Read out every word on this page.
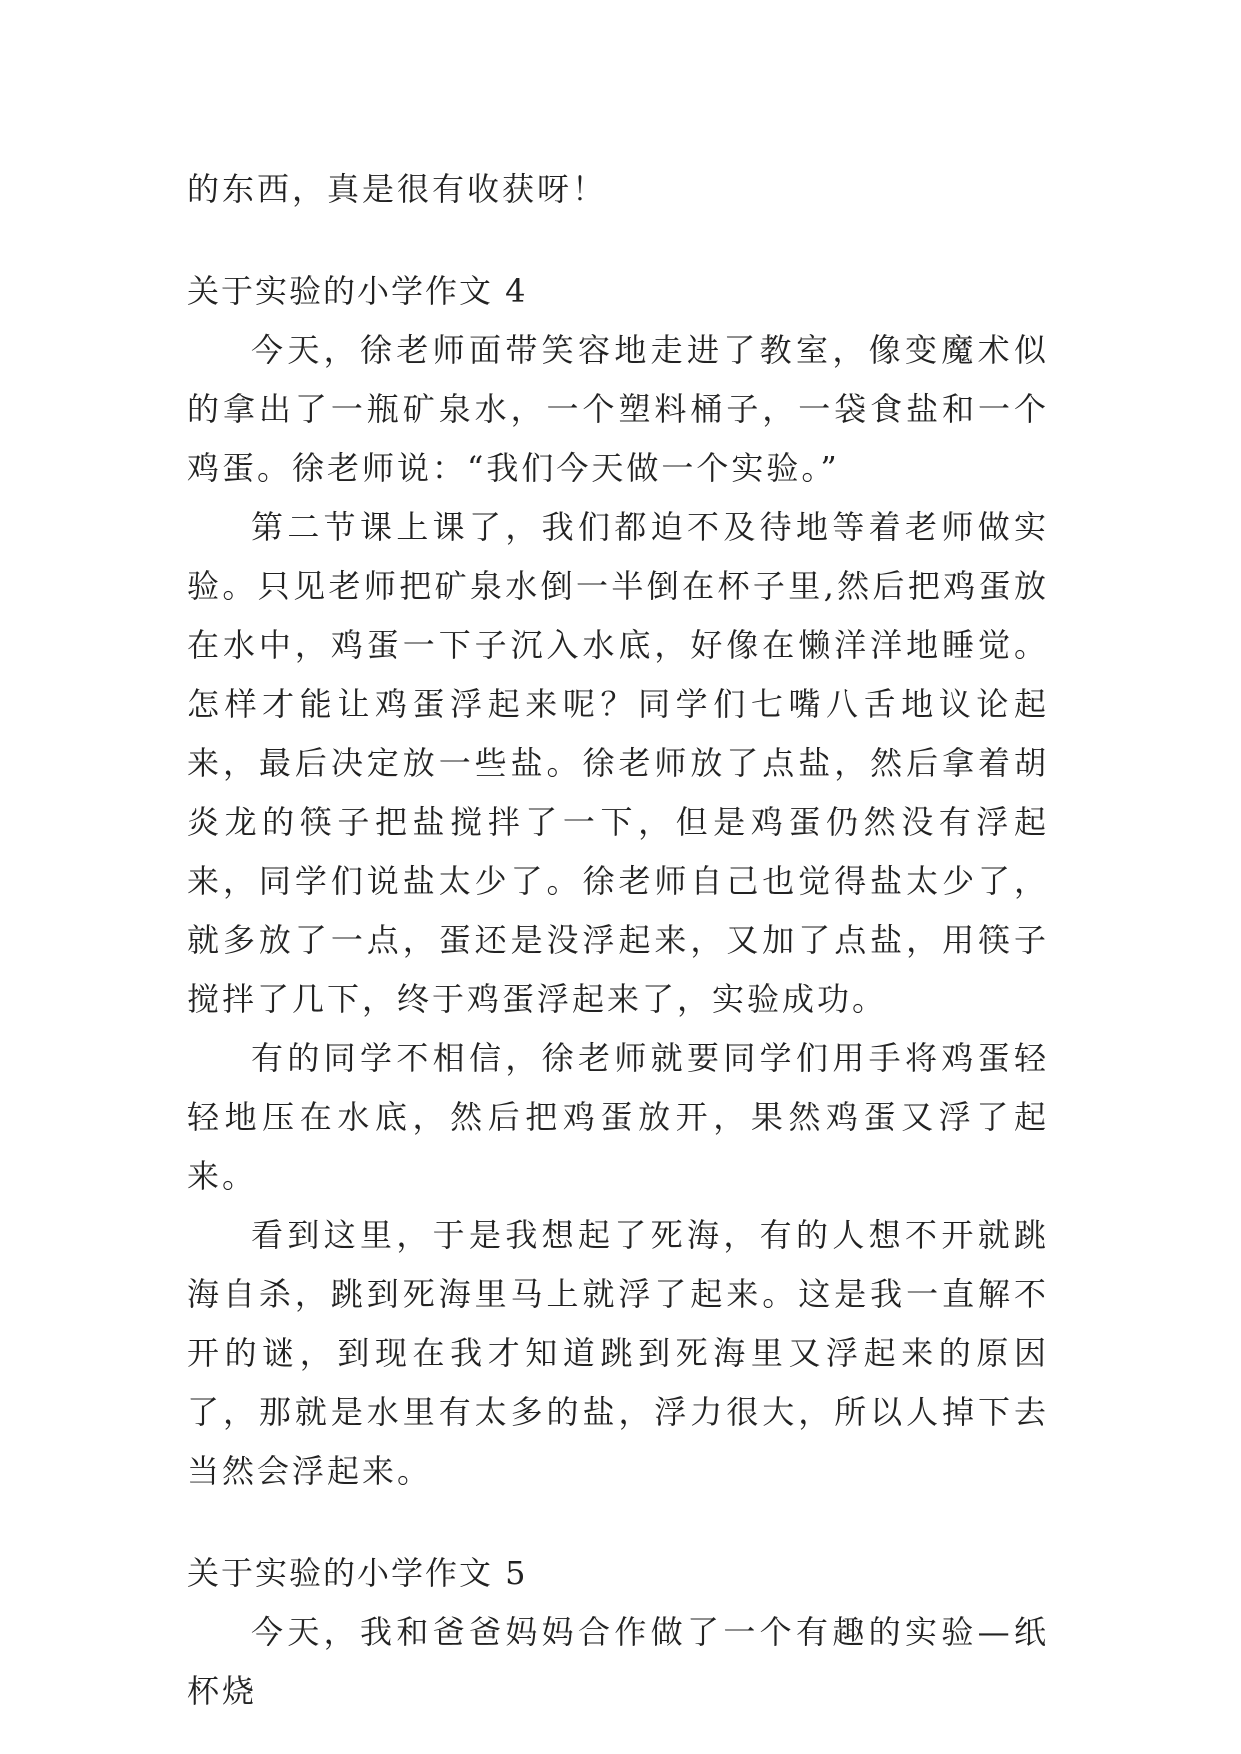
的东西，真是很有收获呀！

关于实验的小学作文 4

今天，徐老师面带笑容地走进了教室，像变魔术似的拿出了一瓶矿泉水，一个塑料桶子，一袋食盐和一个鸡蛋。徐老师说：“我们今天做一个实验。”

第二节课上课了，我们都迫不及待地等着老师做实验。只见老师把矿泉水倒一半倒在杯子里,然后把鸡蛋放在水中，鸡蛋一下子沉入水底，好像在懒洋洋地睡觉。怎样才能让鸡蛋浮起来呢？同学们七嘴八舌地议论起来，最后决定放一些盐。徐老师放了点盐，然后拿着胡炎龙的筷子把盐搅拌了一下，但是鸡蛋仍然没有浮起来，同学们说盐太少了。徐老师自己也觉得盐太少了，就多放了一点，蛋还是没浮起来，又加了点盐，用筷子搅拌了几下，终于鸡蛋浮起来了，实验成功。

有的同学不相信，徐老师就要同学们用手将鸡蛋轻轻地压在水底，然后把鸡蛋放开，果然鸡蛋又浮了起来。

看到这里，于是我想起了死海，有的人想不开就跳海自杀，跳到死海里马上就浮了起来。这是我一直解不开的谜，到现在我才知道跳到死海里又浮起来的原因了，那就是水里有太多的盐，浮力很大，所以人掉下去当然会浮起来。

关于实验的小学作文 5

今天，我和爸爸妈妈合作做了一个有趣的实验—纸杯烧
